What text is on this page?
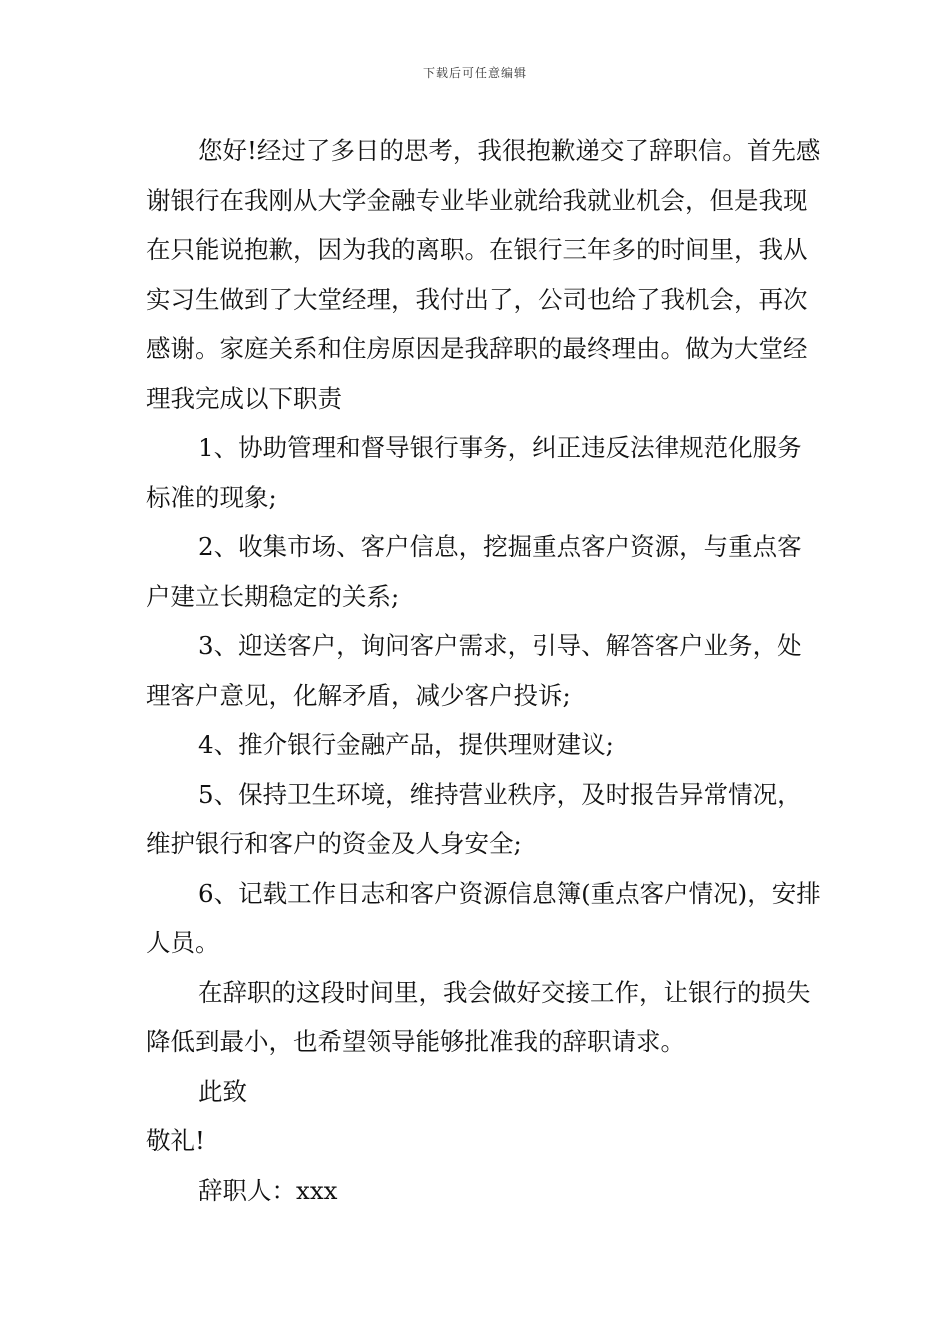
下载后可任意编辑

您好!经过了多日的思考，我很抱歉递交了辞职信。首先感谢银行在我刚从大学金融专业毕业就给我就业机会，但是我现在只能说抱歉，因为我的离职。在银行三年多的时间里，我从实习生做到了大堂经理，我付出了，公司也给了我机会，再次感谢。家庭关系和住房原因是我辞职的最终理由。做为大堂经理我完成以下职责

1、协助管理和督导银行事务，纠正违反法律规范化服务标准的现象;

2、收集市场、客户信息，挖掘重点客户资源，与重点客户建立长期稳定的关系;

3、迎送客户，询问客户需求，引导、解答客户业务，处理客户意见，化解矛盾，减少客户投诉;

4、推介银行金融产品，提供理财建议;

5、保持卫生环境，维持营业秩序，及时报告异常情况，维护银行和客户的资金及人身安全;

6、记载工作日志和客户资源信息簿(重点客户情况)，安排人员。

在辞职的这段时间里，我会做好交接工作，让银行的损失降低到最小，也希望领导能够批准我的辞职请求。

此致

敬礼!

辞职人：xxx
